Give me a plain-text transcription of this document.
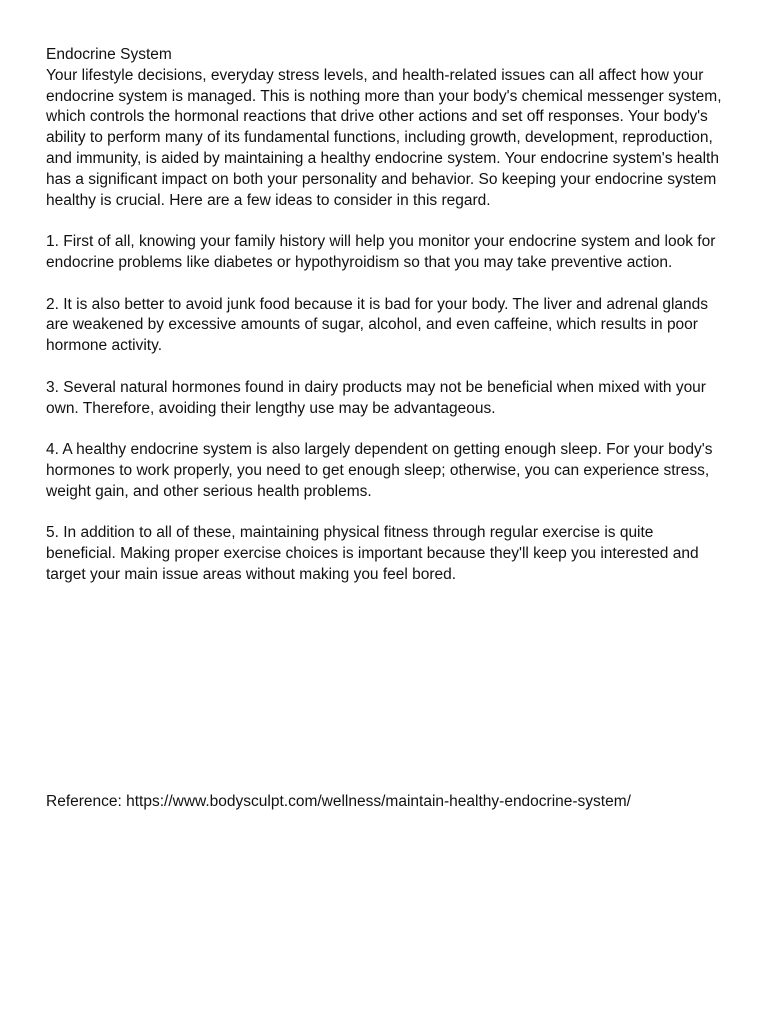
Endocrine System

Your lifestyle decisions, everyday stress levels, and health-related issues can all affect how your endocrine system is managed. This is nothing more than your body's chemical messenger system, which controls the hormonal reactions that drive other actions and set off responses. Your body's ability to perform many of its fundamental functions, including growth, development, reproduction, and immunity, is aided by maintaining a healthy endocrine system. Your endocrine system's health has a significant impact on both your personality and behavior. So keeping your endocrine system healthy is crucial. Here are a few ideas to consider in this regard.

1. First of all, knowing your family history will help you monitor your endocrine system and look for endocrine problems like diabetes or hypothyroidism so that you may take preventive action.

2. It is also better to avoid junk food because it is bad for your body. The liver and adrenal glands are weakened by excessive amounts of sugar, alcohol, and even caffeine, which results in poor hormone activity.

3. Several natural hormones found in dairy products may not be beneficial when mixed with your own. Therefore, avoiding their lengthy use may be advantageous.

4. A healthy endocrine system is also largely dependent on getting enough sleep. For your body's hormones to work properly, you need to get enough sleep; otherwise, you can experience stress, weight gain, and other serious health problems.

5. In addition to all of these, maintaining physical fitness through regular exercise is quite beneficial. Making proper exercise choices is important because they'll keep you interested and target your main issue areas without making you feel bored.

Reference: https://www.bodysculpt.com/wellness/maintain-healthy-endocrine-system/
